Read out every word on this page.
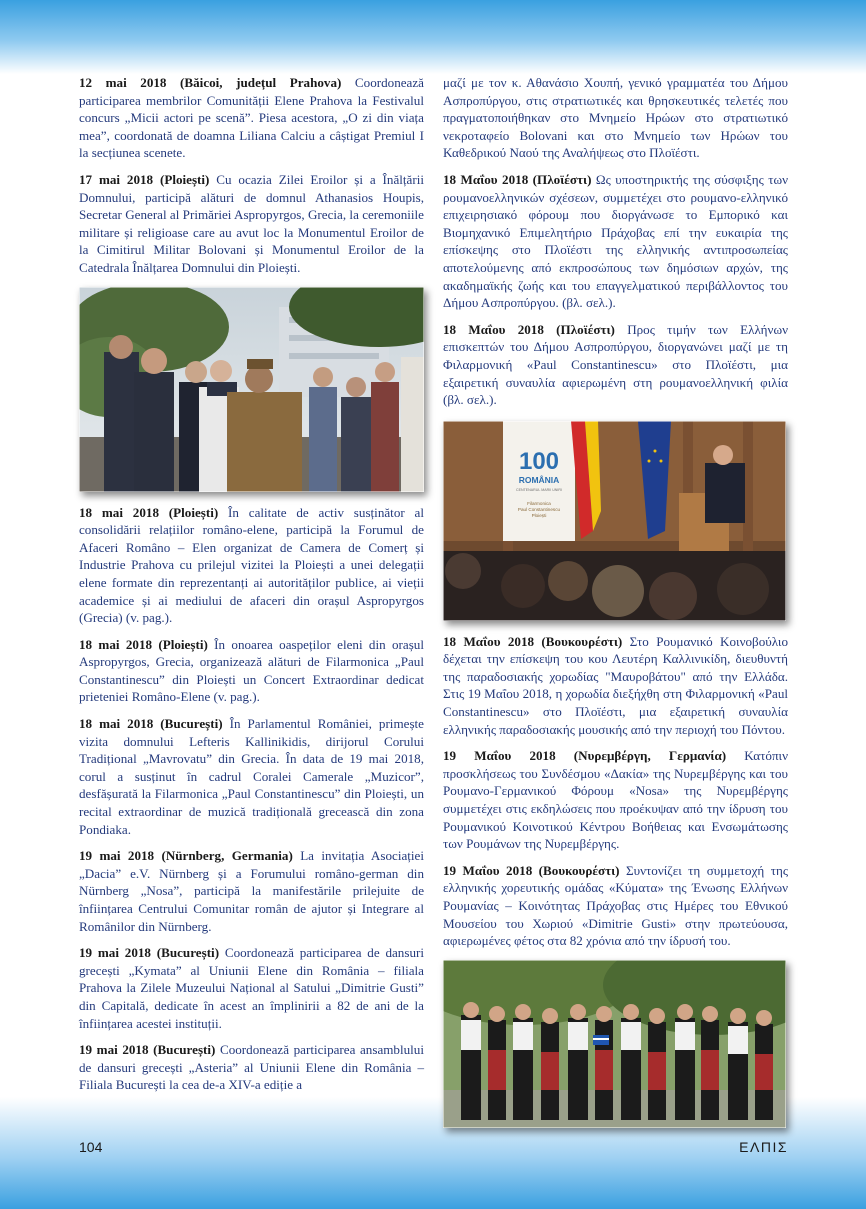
12 mai 2018 (Băicoi, județul Prahova) Coordonează participarea membrilor Comunității Elene Prahova la Festivalul concurs „Micii actori pe scenă”. Piesa acestora, „O zi din viața mea”, coordonată de doamna Liliana Calciu a câștigat Premiul I la secțiunea scenete.

17 mai 2018 (Ploiești) Cu ocazia Zilei Eroilor și a Înălțării Domnului, participă alături de domnul Athanasios Houpis, Secretar General al Primăriei Aspropyrgos, Grecia, la ceremoniile militare și religioase care au avut loc la Monumentul Eroilor de la Cimitirul Militar Bolovani și Monumentul Eroilor de la Catedrala Înălțarea Domnului din Ploiești.

18 mai 2018 (Ploiești) În calitate de activ susținător al consolidării relațiilor româno-elene, participă la Forumul de Afaceri Româno – Elen organizat de Camera de Comerț și Industrie Prahova cu prilejul vizitei la Ploiești a unei delegații elene formate din reprezentanți ai autorităților publice, ai vieții academice și ai mediului de afaceri din orașul Aspropyrgos (Grecia) (v. pag.).

18 mai 2018 (Ploiești) În onoarea oaspeților eleni din orașul Aspropyrgos, Grecia, organizează alături de Filarmonica „Paul Constantinescu” din Ploiești un Concert Extraordinar dedicat prieteniei Româno-Elene (v. pag.).

18 mai 2018 (București) În Parlamentul României, primește vizita domnului Lefteris Kallinikidis, dirijorul Corului Tradițional „Mavrovatu” din Grecia. În data de 19 mai 2018, corul a susținut în cadrul Coralei Camerale „Muzicor”, desfășurată la Filarmonica „Paul Constantinescu” din Ploiești, un recital extraordinar de muzică tradițională grecească din zona Pondiaka.

19 mai 2018 (Nürnberg, Germania) La invitația Asociației „Dacia” e.V. Nürnberg și a Forumului româno-german din Nürnberg „Nosa”, participă la manifestările prilejuite de înființarea Centrului Comunitar român de ajutor și Integrare al Românilor din Nürnberg.

19 mai 2018 (București) Coordonează participarea de dansuri grecești „Kymata” al Uniunii Elene din România – filiala Prahova la Zilele Muzeului Național al Satului „Dimitrie Gusti” din Capitală, dedicate în acest an împlinirii a 82 de ani de la înființarea acestei instituții.

19 mai 2018 (București) Coordonează participarea ansamblului de dansuri grecești „Asteria” al Uniunii Elene din România – Filiala București la cea de-a XIV-a ediție a

μαζί με τον κ. Αθανάσιο Χουπή, γενικό γραμματέα του Δήμου Ασπροπύργου, στις στρατιωτικές και θρησκευτικές τελετές που πραγματοποιήθηκαν στο Μνημείο Ηρώων στο στρατιωτικό νεκροταφείο Bolovani και στο Μνημείο των Ηρώων του Καθεδρικού Ναού της Αναλήψεως στο Πλοϊέστι.

18 Μαΐου 2018 (Πλοϊέστι) Ως υποστηρικτής της σύσφιξης των ρουμανοελληνικών σχέσεων, συμμετέχει στο ρουμανο-ελληνικό επιχειρησιακό φόρουμ που διοργάνωσε το Εμπορικό και Βιομηχανικό Επιμελητήριο Πράχοβας επί την ευκαιρία της επίσκεψης στο Πλοϊέστι της ελληνικής αντιπροσωπείας αποτελούμενης από εκπροσώπους των δημόσιων αρχών, της ακαδημαϊκής ζωής και του επαγγελματικού περιβάλλοντος του Δήμου Ασπροπύργου. (βλ. σελ.).

18 Μαΐου 2018 (Πλοϊέστι) Προς τιμήν των Ελλήνων επισκεπτών του Δήμου Ασπροπύργου, διοργανώνει μαζί με τη Φιλαρμονική «Paul Constantinescu» στο Πλοϊέστι, μια εξαιρετική συναυλία αφιερωμένη στη ρουμανοελληνική φιλία (βλ. σελ.).

100
ROMÂNIA
CENTENARUL MARII UNIRI
Filarmonica
Paul Constantinescu
Ploiești

18 Μαΐου 2018 (Βουκουρέστι) Στο Ρουμανικό Κοινοβούλιο δέχεται την επίσκεψη του κου Λευτέρη Καλλινικίδη, διευθυντή της παραδοσιακής χορωδίας "Μαυροβάτου" από την Ελλάδα. Στις 19 Μαΐου 2018, η χορωδία διεξήχθη στη Φιλαρμονική «Paul Constantinescu» στο Πλοϊέστι, μια εξαιρετική συναυλία ελληνικής παραδοσιακής μουσικής από την περιοχή του Πόντου.

19 Μαΐου 2018 (Νυρεμβέργη, Γερμανία) Κατόπιν προσκλήσεως του Συνδέσμου «Δακία» της Νυρεμβέργης και του Ρουμανο-Γερμανικού Φόρουμ «Nosa» της Νυρεμβέργης συμμετέχει στις εκδηλώσεις που προέκυψαν από την ίδρυση του Ρουμανικού Κοινοτικού Κέντρου Βοήθειας και Ενσωμάτωσης των Ρουμάνων της Νυρεμβέργης.

19 Μαΐου 2018 (Βουκουρέστι) Συντονίζει τη συμμετοχή της ελληνικής χορευτικής ομάδας «Κύματα» της Ένωσης Ελλήνων Ρουμανίας – Κοινότητας Πράχοβας στις Ημέρες του Εθνικού Μουσείου του Χωριού «Dimitrie Gusti» στην πρωτεύουσα, αφιερωμένες φέτος στα 82 χρόνια από την ίδρυσή του.

104	ΕΛΠΙΣ
